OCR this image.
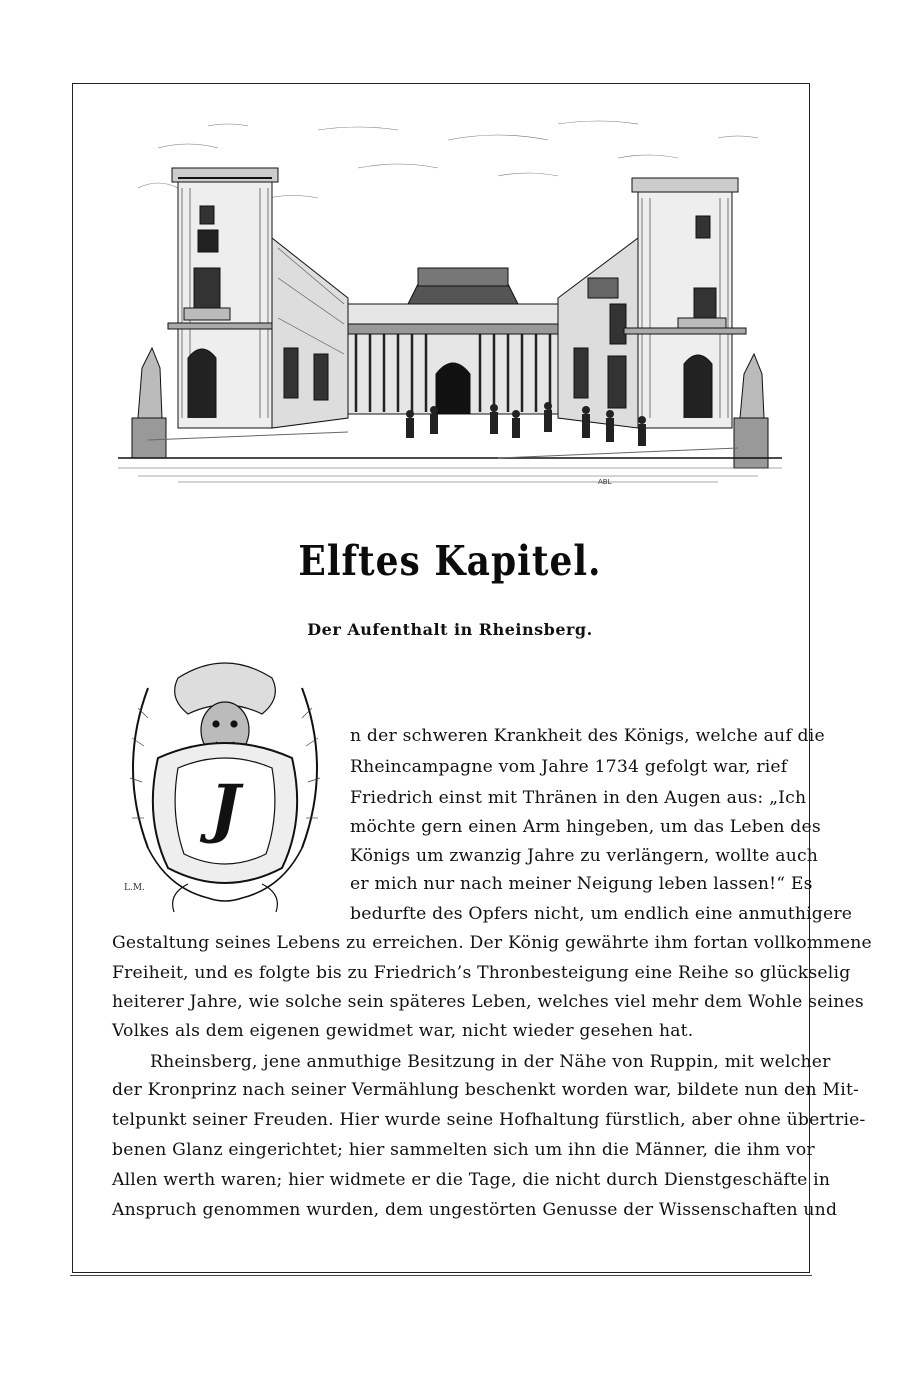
ABL
Elftes Kapitel.
Der Aufenthalt in Rheinsberg.
J
L.M.
n der schweren Krankheit des Königs, welche auf die
Rheincampagne vom Jahre 1734 gefolgt war, rief
Friedrich einst mit Thränen in den Augen aus: „Ich
möchte gern einen Arm hingeben, um das Leben des
Königs um zwanzig Jahre zu verlängern, wollte auch
er mich nur nach meiner Neigung leben lassen!“ Es
bedurfte des Opfers nicht, um endlich eine anmuthigere
Gestaltung seines Lebens zu erreichen. Der König gewährte ihm fortan vollkommene
Freiheit, und es folgte bis zu Friedrich’s Thronbesteigung eine Reihe so glückselig
heiterer Jahre, wie solche sein späteres Leben, welches viel mehr dem Wohle seines
Volkes als dem eigenen gewidmet war, nicht wieder gesehen hat.
Rheinsberg, jene anmuthige Besitzung in der Nähe von Ruppin, mit welcher
der Kronprinz nach seiner Vermählung beschenkt worden war, bildete nun den Mit-
telpunkt seiner Freuden. Hier wurde seine Hofhaltung fürstlich, aber ohne übertrie-
benen Glanz eingerichtet; hier sammelten sich um ihn die Männer, die ihm vor
Allen werth waren; hier widmete er die Tage, die nicht durch Dienstgeschäfte in
Anspruch genommen wurden, dem ungestörten Genusse der Wissenschaften und
